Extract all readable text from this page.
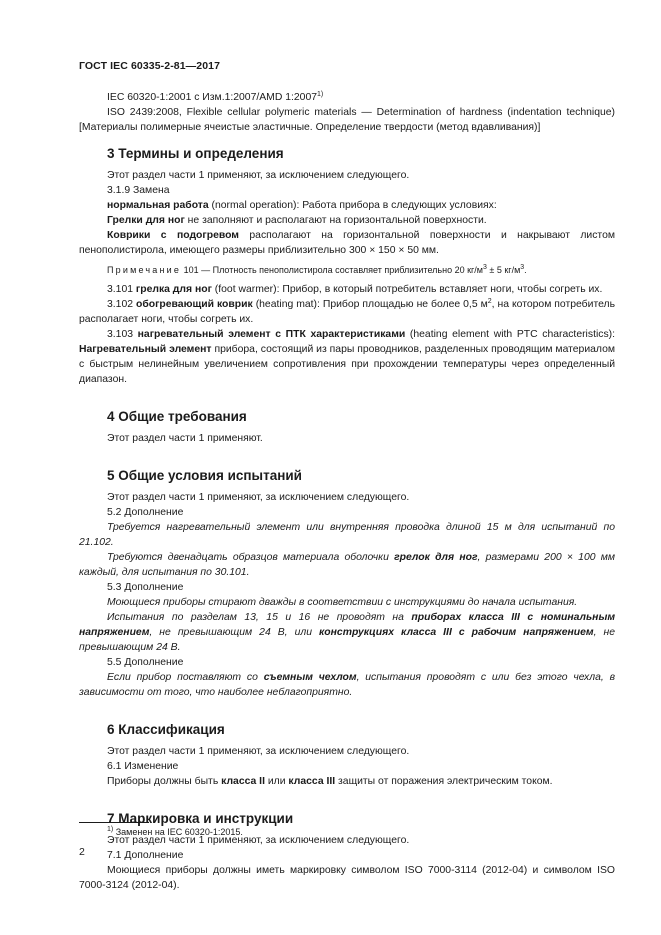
ГОСТ IEC 60335-2-81—2017

IEC 60320-1:2001 с Изм.1:2007/AMD 1:2007$^{1)}$

ISO 2439:2008, Flexible cellular polymeric materials — Determination of hardness (indentation technique) [Материалы полимерные ячеистые эластичные. Определение твердости (метод вдавливания)]

3 Термины и определения

Этот раздел части 1 применяют, за исключением следующего.

3.1.9 Замена

нормальная работа (normal operation): Работа прибора в следующих условиях:

Грелки для ног не заполняют и располагают на горизонтальной поверхности.

Коврики с подогревом располагают на горизонтальной поверхности и накрывают листом пенополистирола, имеющего размеры приблизительно 300 × 150 × 50 мм.

Примечание 101 — Плотность пенополистирола составляет приблизительно 20 $кг/м^3 \pm 5$ $кг/м^3$.

3.101 грелка для ног (foot warmer): Прибор, в который потребитель вставляет ноги, чтобы согреть их.

3.102 обогревающий коврик (heating mat): Прибор площадью не более 0,5 $м^2$, на котором потребитель располагает ноги, чтобы согреть их.

3.103 нагревательный элемент с ПТК характеристиками (heating element with PTC characteristics): Нагревательный элемент прибора, состоящий из пары проводников, разделенных проводящим материалом с быстрым нелинейным увеличением сопротивления при прохождении температуры через определенный диапазон.

4 Общие требования

Этот раздел части 1 применяют.

5 Общие условия испытаний

Этот раздел части 1 применяют, за исключением следующего.

5.2 Дополнение

Требуется нагревательный элемент или внутренняя проводка длиной 15 м для испытаний по 21.102.

Требуются двенадцать образцов материала оболочки грелок для ног, размерами 200 × 100 мм каждый, для испытания по 30.101.

5.3 Дополнение

Моющиеся приборы стирают дважды в соответствии с инструкциями до начала испытания.

Испытания по разделам 13, 15 и 16 не проводят на приборах класса III с номинальным напряжением, не превышающим 24 В, или конструкциях класса III с рабочим напряжением, не превышающим 24 В.

5.5 Дополнение

Если прибор поставляют со съемным чехлом, испытания проводят с или без этого чехла, в зависимости от того, что наиболее неблагоприятно.

6 Классификация

Этот раздел части 1 применяют, за исключением следующего.

6.1 Изменение

Приборы должны быть класса II или класса III защиты от поражения электрическим током.

7 Маркировка и инструкции

Этот раздел части 1 применяют, за исключением следующего.

7.1 Дополнение

Моющиеся приборы должны иметь маркировку символом ISO 7000-3114 (2012-04) и символом ISO 7000-3124 (2012-04).

$^{1)}$ Заменен на IEC 60320-1:2015.
2
